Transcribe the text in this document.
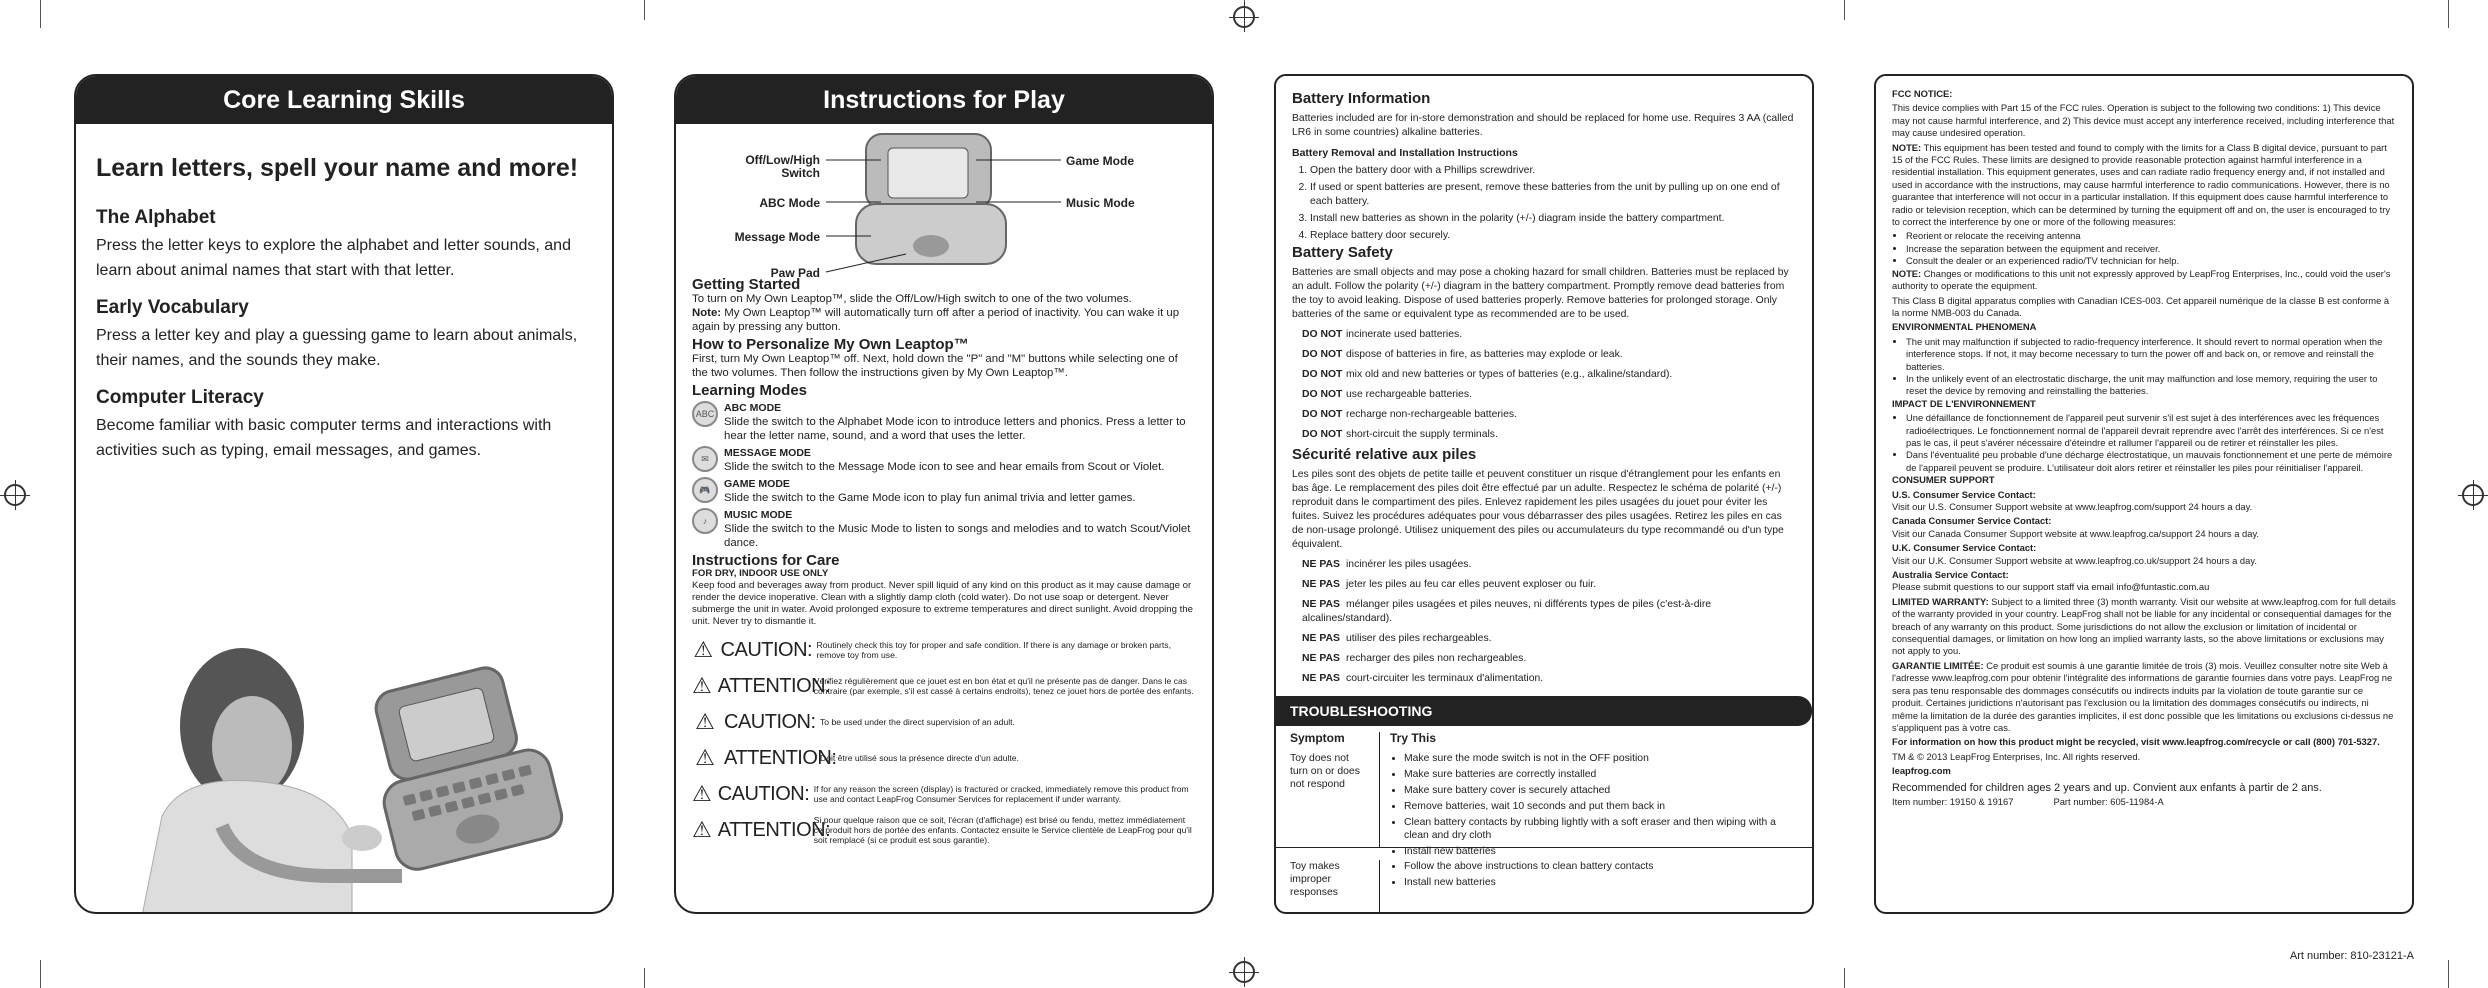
Core Learning Skills
Learn letters, spell your name and more!
The Alphabet

Press the letter keys to explore the alphabet and letter sounds, and learn about animal names that start with that letter.

Early Vocabulary

Press a letter key and play a guessing game to learn about animals, their names, and the sounds they make.

Computer Literacy

Become familiar with basic computer terms and interactions with activities such as typing, email messages, and games.

Instructions for Play
Off/Low/High Switch
ABC Mode
Message Mode
Paw Pad
Game Mode
Music Mode
Getting Started
To turn on My Own Leaptop™, slide the Off/Low/High switch to one of the two volumes.
Note: My Own Leaptop™ will automatically turn off after a period of inactivity. You can wake it up again by pressing any button.
How to Personalize My Own Leaptop™
First, turn My Own Leaptop™ off. Next, hold down the "P" and "M" buttons while selecting one of the two volumes. Then follow the instructions given by My Own Leaptop™.
Learning Modes
ABC ABC MODE
Slide the switch to the Alphabet Mode icon to introduce letters and phonics. Press a letter to hear the letter name, sound, and a word that uses the letter.
✉	MESSAGE MODE
Slide the switch to the Message Mode icon to see and hear emails from Scout or Violet.
🎮	GAME MODE
Slide the switch to the Game Mode icon to play fun animal trivia and letter games.
♪	MUSIC MODE
Slide the switch to the Music Mode to listen to songs and melodies and to watch Scout/Violet dance.
Instructions for Care
FOR DRY, INDOOR USE ONLY
Keep food and beverages away from product. Never spill liquid of any kind on this product as it may cause damage or render the device inoperative. Clean with a slightly damp cloth (cold water). Do not use soap or detergent. Never submerge the unit in water. Avoid prolonged exposure to extreme temperatures and direct sunlight. Avoid dropping the unit. Never try to dismantle it.
⚠ CAUTION: Routinely check this toy for proper and safe condition. If there is any damage or broken parts, remove toy from use.
⚠ ATTENTION:
Vérifiez régulièrement que ce jouet est en bon état et qu'il ne présente pas de danger. Dans le cas contraire (par exemple, s'il est cassé à certains endroits), tenez ce jouet hors de portée des enfants.
⚠ CAUTION: To be used under the direct supervision of an adult.
⚠ ATTENTION:
Doit être utilisé sous la présence directe d'un adulte.
⚠ CAUTION: If for any reason the screen (display) is fractured or cracked, immediately remove this product from use and contact LeapFrog Consumer Services for replacement if under warranty.
⚠ ATTENTION:
Si pour quelque raison que ce soit, l'écran (d'affichage) est brisé ou fendu, mettez immédiatement ce produit hors de portée des enfants. Contactez ensuite le Service clientèle de LeapFrog pour qu'il soit remplacé (si ce produit est sous garantie).
Battery Information
Batteries included are for in-store demonstration and should be replaced for home use. Requires 3 AA (called LR6 in some countries) alkaline batteries.
Battery Removal and Installation Instructions
1. Open the battery door with a Phillips screwdriver.
2. If used or spent batteries are present, remove these batteries from the unit by pulling up on one end of each battery.
3. Install new batteries as shown in the polarity (+/-) diagram inside the battery compartment.
4. Replace battery door securely.
Battery Safety
Batteries are small objects and may pose a choking hazard for small children. Batteries must be replaced by an adult. Follow the polarity (+/-) diagram in the battery compartment. Promptly remove dead batteries from the toy to avoid leaking. Dispose of used batteries properly. Remove batteries for prolonged storage. Only batteries of the same or equivalent type as recommended are to be used.
DO NOT incinerate used batteries.
DO NOT dispose of batteries in fire, as batteries may explode or leak.
DO NOT mix old and new batteries or types of batteries (e.g., alkaline/standard).
DO NOT use rechargeable batteries.
DO NOT recharge non-rechargeable batteries.
DO NOT short-circuit the supply terminals.
Sécurité relative aux piles
Les piles sont des objets de petite taille et peuvent constituer un risque d'étranglement pour les enfants en bas âge. Le remplacement des piles doit être effectué par un adulte. Respectez le schéma de polarité (+/-) reproduit dans le compartiment des piles. Enlevez rapidement les piles usagées du jouet pour éviter les fuites. Suivez les procédures adéquates pour vous débarrasser des piles usagées. Retirez les piles en cas de non-usage prolongé. Utilisez uniquement des piles ou accumulateurs du type recommandé ou d'un type équivalent.
NE PAS incinérer les piles usagées.
NE PAS jeter les piles au feu car elles peuvent exploser ou fuir.
NE PAS mélanger piles usagées et piles neuves, ni différents types de piles (c'est-à-dire alcalines/standard).
NE PAS utiliser des piles rechargeables.
NE PAS recharger des piles non rechargeables.
NE PAS court-circuiter les terminaux d'alimentation.
TROUBLESHOOTING
Symptom	Try This
Toy does not turn on or does not respond
• Make sure the mode switch is not in the OFF position
• Make sure batteries are correctly installed
• Make sure battery cover is securely attached
• Remove batteries, wait 10 seconds and put them back in
• Clean battery contacts by rubbing lightly with a soft eraser and then wiping with a clean and dry cloth
• Install new batteries
Toy makes improper responses
• Follow the above instructions to clean battery contacts
• Install new batteries
FCC NOTICE:
This device complies with Part 15 of the FCC rules. Operation is subject to the following two conditions: 1) This device may not cause harmful interference, and 2) This device must accept any interference received, including interference that may cause undesired operation.
NOTE: This equipment has been tested and found to comply with the limits for a Class B digital device, pursuant to part 15 of the FCC Rules. These limits are designed to provide reasonable protection against harmful interference in a residential installation. This equipment generates, uses and can radiate radio frequency energy and, if not installed and used in accordance with the instructions, may cause harmful interference to radio communications. However, there is no guarantee that interference will not occur in a particular installation. If this equipment does cause harmful interference to radio or television reception, which can be determined by turning the equipment off and on, the user is encouraged to try to correct the interference by one or more of the following measures:
• Reorient or relocate the receiving antenna
• Increase the separation between the equipment and receiver.
• Consult the dealer or an experienced radio/TV technician for help.
NOTE: Changes or modifications to this unit not expressly approved by LeapFrog Enterprises, Inc., could void the user's authority to operate the equipment.
This Class B digital apparatus complies with Canadian ICES-003. Cet appareil numérique de la classe B est conforme à la norme NMB-003 du Canada.
ENVIRONMENTAL PHENOMENA
• The unit may malfunction if subjected to radio-frequency interference. It should revert to normal operation when the interference stops. If not, it may become necessary to turn the power off and back on, or remove and reinstall the batteries.
• In the unlikely event of an electrostatic discharge, the unit may malfunction and lose memory, requiring the user to reset the device by removing and reinstalling the batteries.
IMPACT DE L'ENVIRONNEMENT
• Une défaillance de fonctionnement de l'appareil peut survenir s'il est sujet à des interférences avec les fréquences radioélectriques. Le fonctionnement normal de l'appareil devrait reprendre avec l'arrêt des interférences. Si ce n'est pas le cas, il peut s'avérer nécessaire d'éteindre et rallumer l'appareil ou de retirer et réinstaller les piles.
• Dans l'éventualité peu probable d'une décharge électrostatique, un mauvais fonctionnement et une perte de mémoire de l'appareil peuvent se produire. L'utilisateur doit alors retirer et réinstaller les piles pour réinitialiser l'appareil.
CONSUMER SUPPORT
U.S. Consumer Service Contact:
Visit our U.S. Consumer Support website at www.leapfrog.com/support 24 hours a day.
Canada Consumer Service Contact:
Visit our Canada Consumer Support website at www.leapfrog.ca/support 24 hours a day.
U.K. Consumer Service Contact:
Visit our U.K. Consumer Support website at www.leapfrog.co.uk/support 24 hours a day.
Australia Service Contact:
Please submit questions to our support staff via email info@funtastic.com.au
LIMITED WARRANTY: Subject to a limited three (3) month warranty. Visit our website at www.leapfrog.com for full details of the warranty provided in your country. LeapFrog shall not be liable for any incidental or consequential damages for the breach of any warranty on this product. Some jurisdictions do not allow the exclusion or limitation of incidental or consequential damages, or limitation on how long an implied warranty lasts, so the above limitations or exclusions may not apply to you.
GARANTIE LIMITÉE: Ce produit est soumis à une garantie limitée de trois (3) mois. Veuillez consulter notre site Web à l'adresse www.leapfrog.com pour obtenir l'intégralité des informations de garantie fournies dans votre pays. LeapFrog ne sera pas tenu responsable des dommages consécutifs ou indirects induits par la violation de toute garantie sur ce produit. Certaines juridictions n'autorisant pas l'exclusion ou la limitation des dommages consécutifs ou indirects, ni même la limitation de la durée des garanties implicites, il est donc possible que les limitations ou exclusions ci-dessus ne s'appliquent pas à votre cas.
For information on how this product might be recycled, visit www.leapfrog.com/recycle or call (800) 701-5327.
TM & © 2013 LeapFrog Enterprises, Inc. All rights reserved.
leapfrog.com
Recommended for children ages 2 years and up. Convient aux enfants à partir de 2 ans.
Item number: 19150 & 19167	Part number: 605-11984-A
Art number: 810-23121-A
